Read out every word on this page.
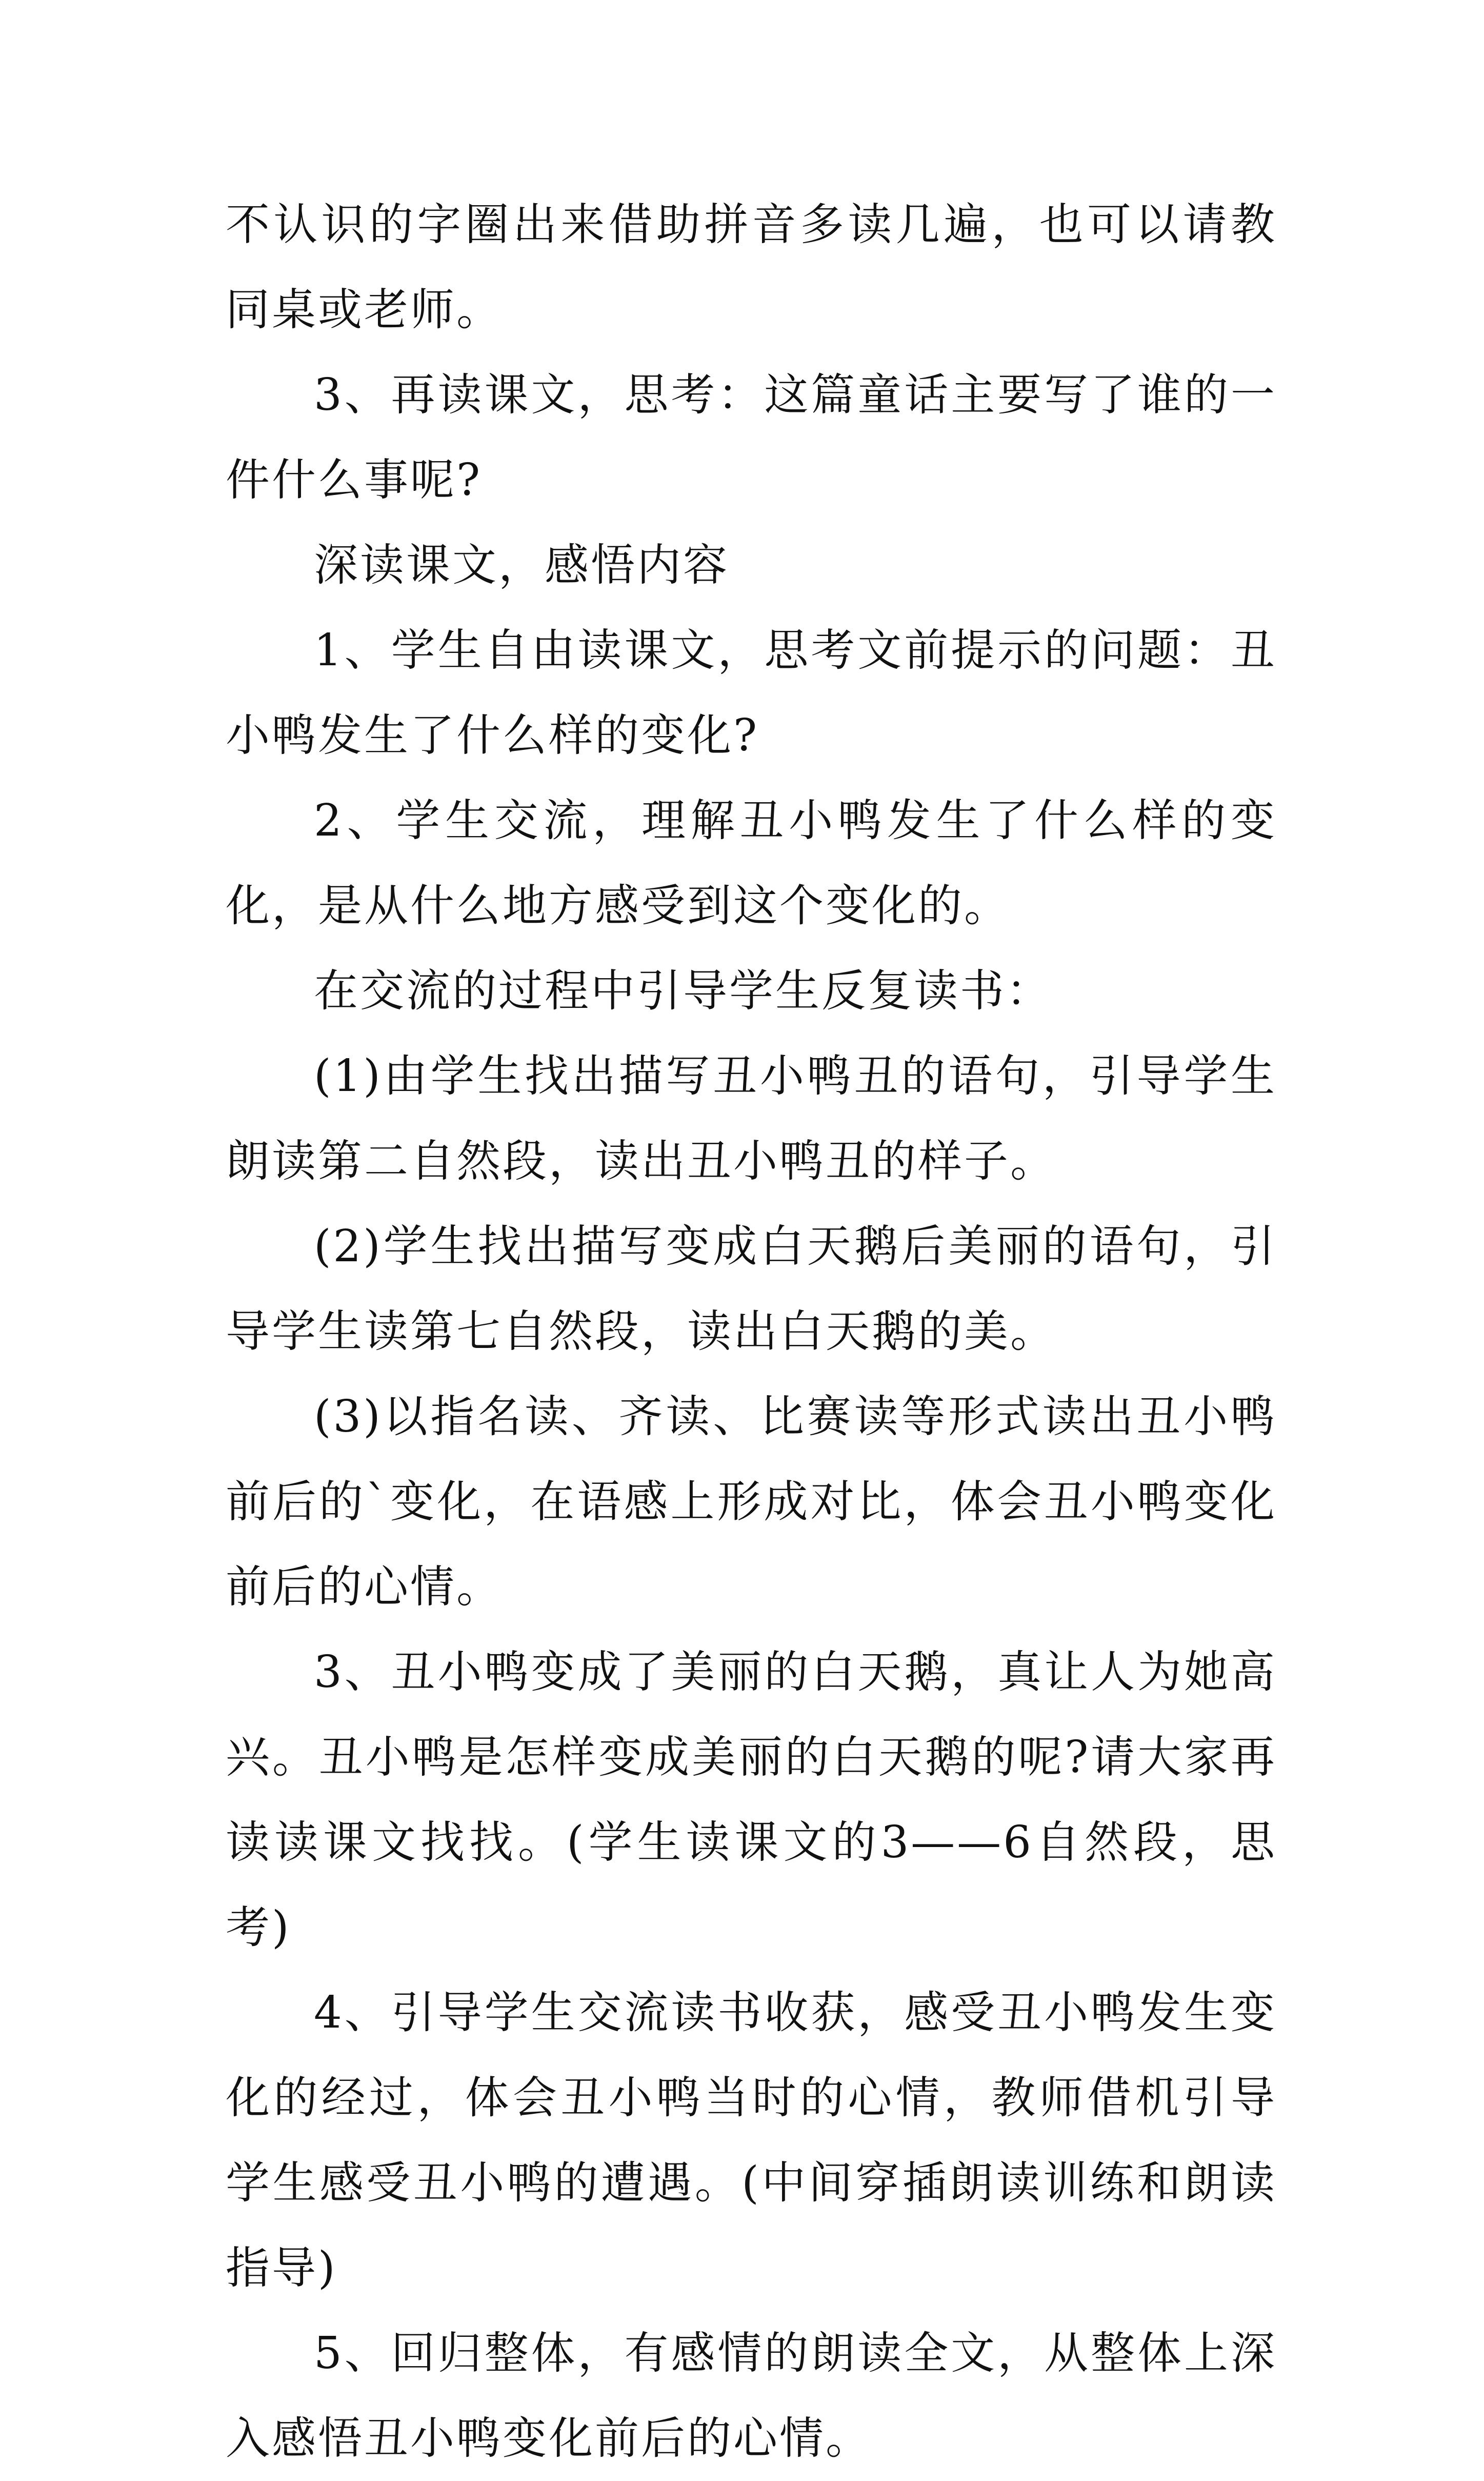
不认识的字圈出来借助拼音多读几遍，也可以请教同桌或老师。

3、再读课文，思考：这篇童话主要写了谁的一件什么事呢?

深读课文，感悟内容

1、学生自由读课文，思考文前提示的问题：丑小鸭发生了什么样的变化?

2、学生交流，理解丑小鸭发生了什么样的变化，是从什么地方感受到这个变化的。

在交流的过程中引导学生反复读书：

(1)由学生找出描写丑小鸭丑的语句，引导学生朗读第二自然段，读出丑小鸭丑的样子。

(2)学生找出描写变成白天鹅后美丽的语句，引导学生读第七自然段，读出白天鹅的美。

(3)以指名读、齐读、比赛读等形式读出丑小鸭前后的`变化，在语感上形成对比，体会丑小鸭变化前后的心情。

3、丑小鸭变成了美丽的白天鹅，真让人为她高兴。丑小鸭是怎样变成美丽的白天鹅的呢?请大家再读读课文找找。(学生读课文的3——6自然段，思考)

4、引导学生交流读书收获，感受丑小鸭发生变化的经过，体会丑小鸭当时的心情，教师借机引导学生感受丑小鸭的遭遇。(中间穿插朗读训练和朗读指导)

5、回归整体，有感情的朗读全文，从整体上深入感悟丑小鸭变化前后的心情。
